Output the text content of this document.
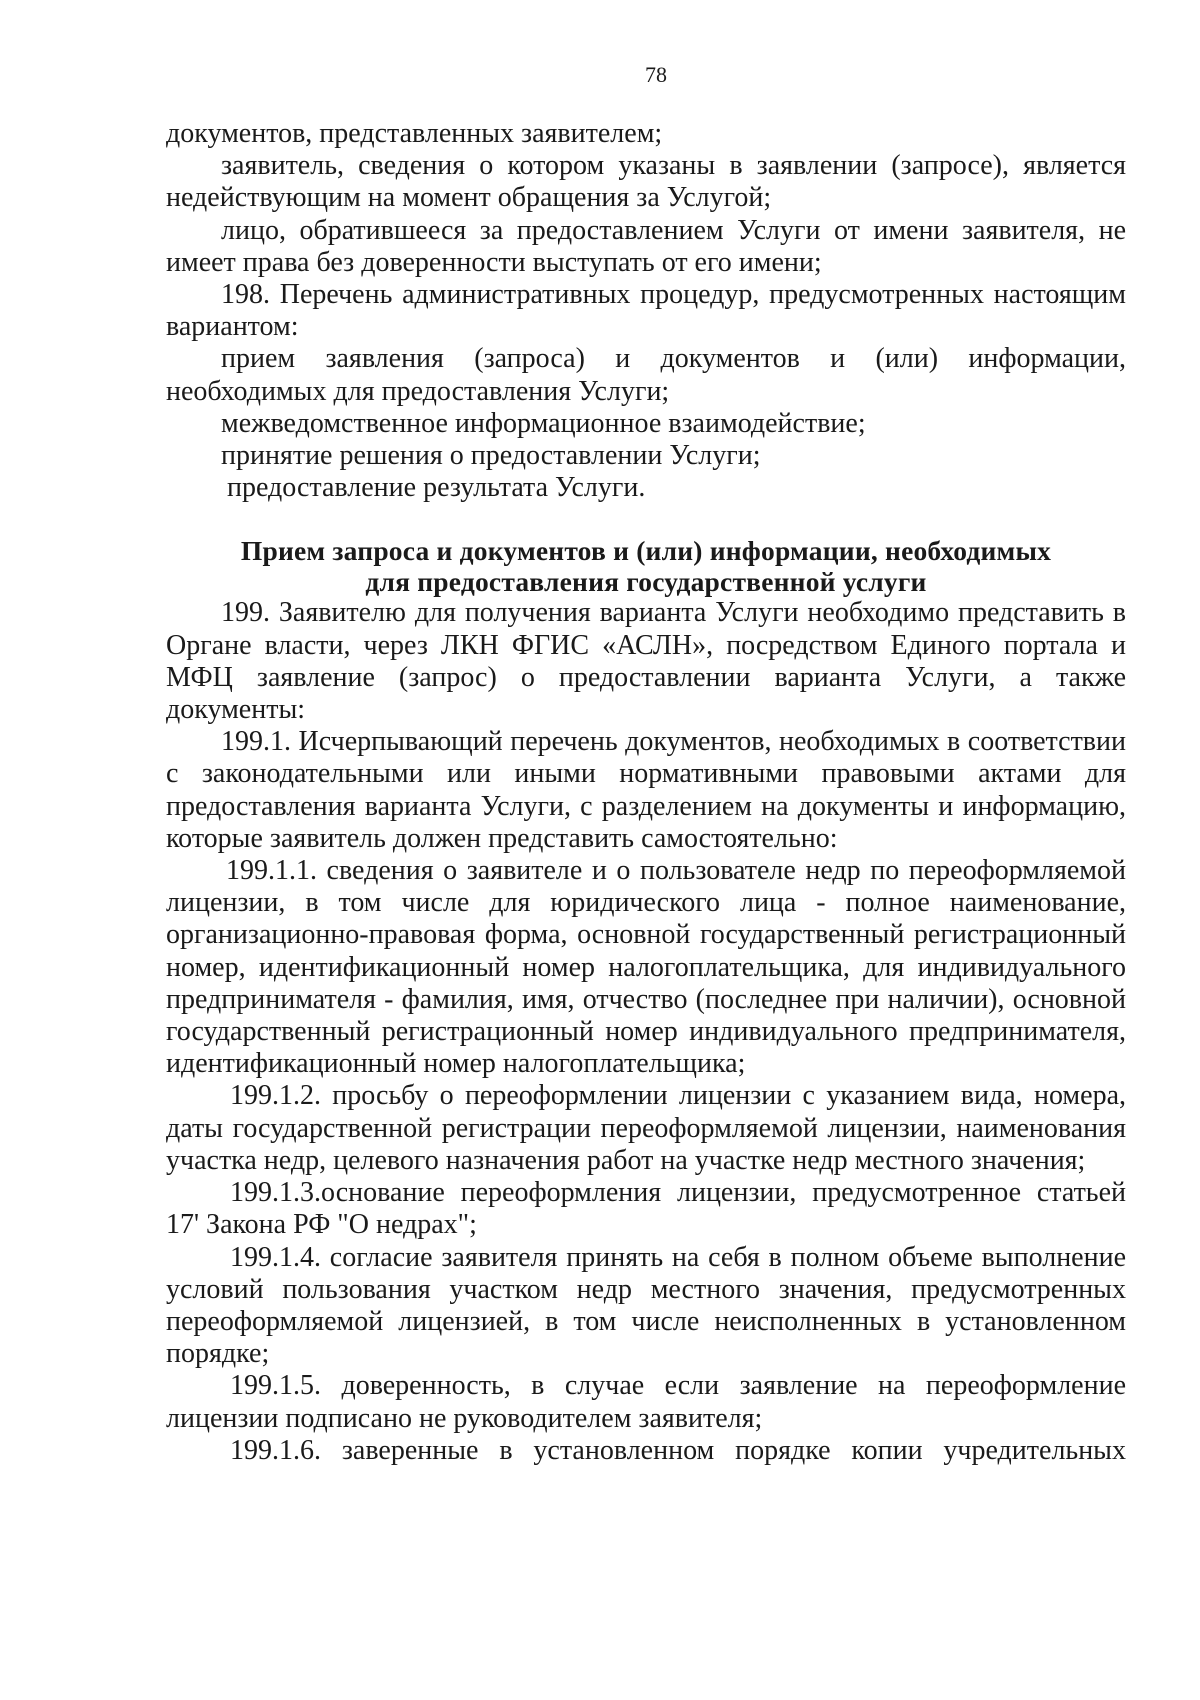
78

документов, представленных заявителем;

заявитель, сведения о котором указаны в заявлении (запросе), является недействующим на момент обращения за Услугой;

лицо, обратившееся за предоставлением Услуги от имени заявителя, не имеет права без доверенности выступать от его имени;

198. Перечень административных процедур, предусмотренных настоящим вариантом:

прием заявления (запроса) и документов и (или) информации, необходимых для предоставления Услуги;

межведомственное информационное взаимодействие;

принятие решения о предоставлении Услуги;

предоставление результата Услуги.

Прием запроса и документов и (или) информации, необходимых
для предоставления государственной услуги

199. Заявителю для получения варианта Услуги необходимо представить в Органе власти, через ЛКН ФГИС «АСЛН», посредством Единого портала и МФЦ заявление (запрос) о предоставлении варианта Услуги, а также документы:

199.1. Исчерпывающий перечень документов, необходимых в соответствии с законодательными или иными нормативными правовыми актами для предоставления варианта Услуги, с разделением на документы и информацию, которые заявитель должен представить самостоятельно:

199.1.1. сведения о заявителе и о пользователе недр по переоформляемой лицензии, в том числе для юридического лица - полное наименование, организационно-правовая форма, основной государственный регистрационный номер, идентификационный номер налогоплательщика, для индивидуального предпринимателя - фамилия, имя, отчество (последнее при наличии), основной государственный регистрационный номер индивидуального предпринимателя, идентификационный номер налогоплательщика;

199.1.2. просьбу о переоформлении лицензии с указанием вида, номера, даты государственной регистрации переоформляемой лицензии, наименования участка недр, целевого назначения работ на участке недр местного значения;

199.1.3.основание переоформления лицензии, предусмотренное статьей 17' Закона РФ "О недрах";

199.1.4. согласие заявителя принять на себя в полном объеме выполнение условий пользования участком недр местного значения, предусмотренных переоформляемой лицензией, в том числе неисполненных в установленном порядке;

199.1.5. доверенность, в случае если заявление на переоформление лицензии подписано не руководителем заявителя;

199.1.6. заверенные в установленном порядке копии учредительных
